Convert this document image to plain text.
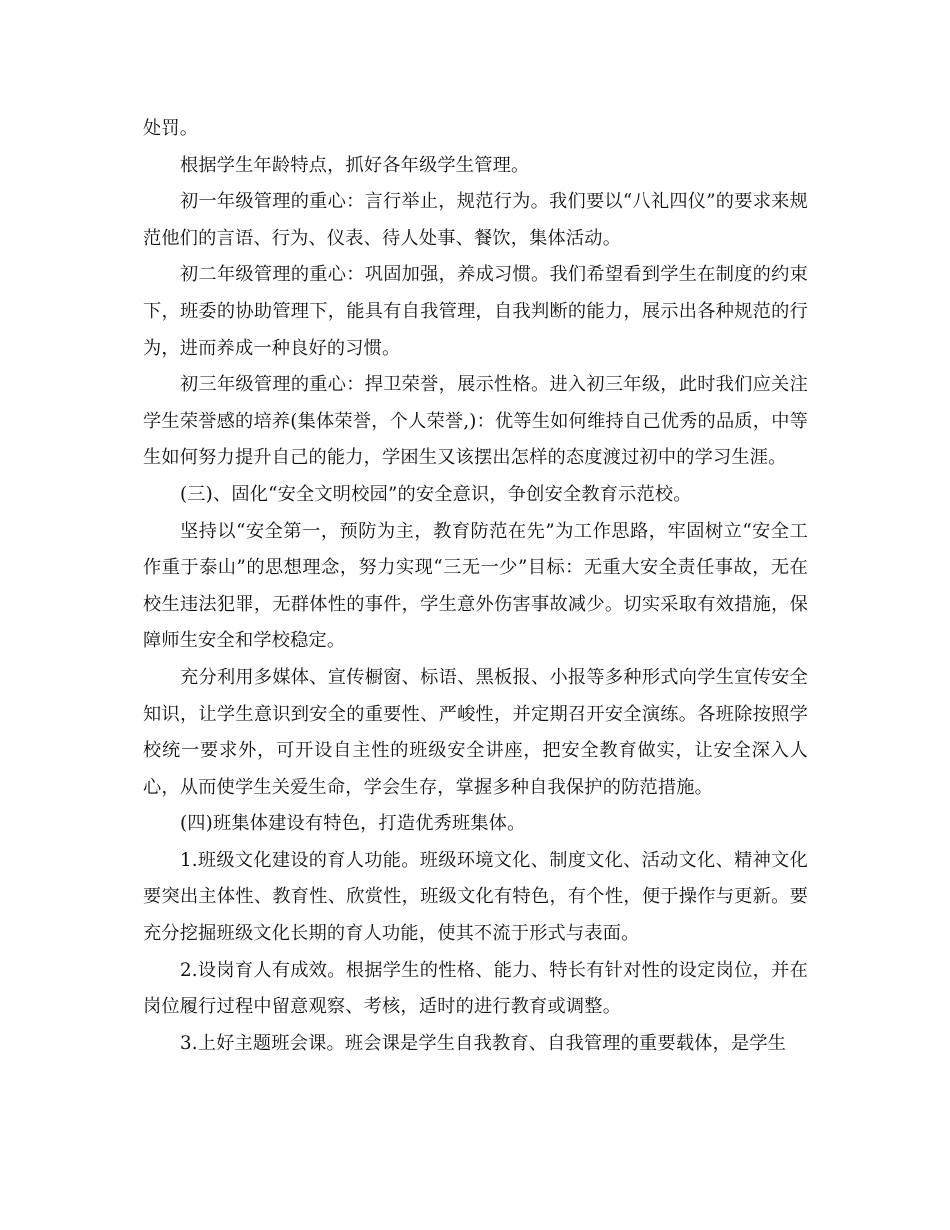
处罚。

根据学生年龄特点，抓好各年级学生管理。

初一年级管理的重心：言行举止，规范行为。我们要以“八礼四仪”的要求来规范他们的言语、行为、仪表、待人处事、餐饮，集体活动。

初二年级管理的重心：巩固加强，养成习惯。我们希望看到学生在制度的约束下，班委的协助管理下，能具有自我管理，自我判断的能力，展示出各种规范的行为，进而养成一种良好的习惯。

初三年级管理的重心：捍卫荣誉，展示性格。进入初三年级，此时我们应关注学生荣誉感的培养(集体荣誉，个人荣誉,)：优等生如何维持自己优秀的品质，中等生如何努力提升自己的能力，学困生又该摆出怎样的态度渡过初中的学习生涯。

(三)、固化“安全文明校园”的安全意识，争创安全教育示范校。

坚持以“安全第一，预防为主，教育防范在先”为工作思路，牢固树立“安全工作重于泰山”的思想理念，努力实现“三无一少”目标：无重大安全责任事故，无在校生违法犯罪，无群体性的事件，学生意外伤害事故减少。切实采取有效措施，保障师生安全和学校稳定。

充分利用多媒体、宣传橱窗、标语、黑板报、小报等多种形式向学生宣传安全知识，让学生意识到安全的重要性、严峻性，并定期召开安全演练。各班除按照学校统一要求外，可开设自主性的班级安全讲座，把安全教育做实，让安全深入人心，从而使学生关爱生命，学会生存，掌握多种自我保护的防范措施。

(四)班集体建设有特色，打造优秀班集体。

1.班级文化建设的育人功能。班级环境文化、制度文化、活动文化、精神文化要突出主体性、教育性、欣赏性，班级文化有特色，有个性，便于操作与更新。要充分挖掘班级文化长期的育人功能，使其不流于形式与表面。

2.设岗育人有成效。根据学生的性格、能力、特长有针对性的设定岗位，并在岗位履行过程中留意观察、考核，适时的进行教育或调整。

3.上好主题班会课。班会课是学生自我教育、自我管理的重要载体，是学生
